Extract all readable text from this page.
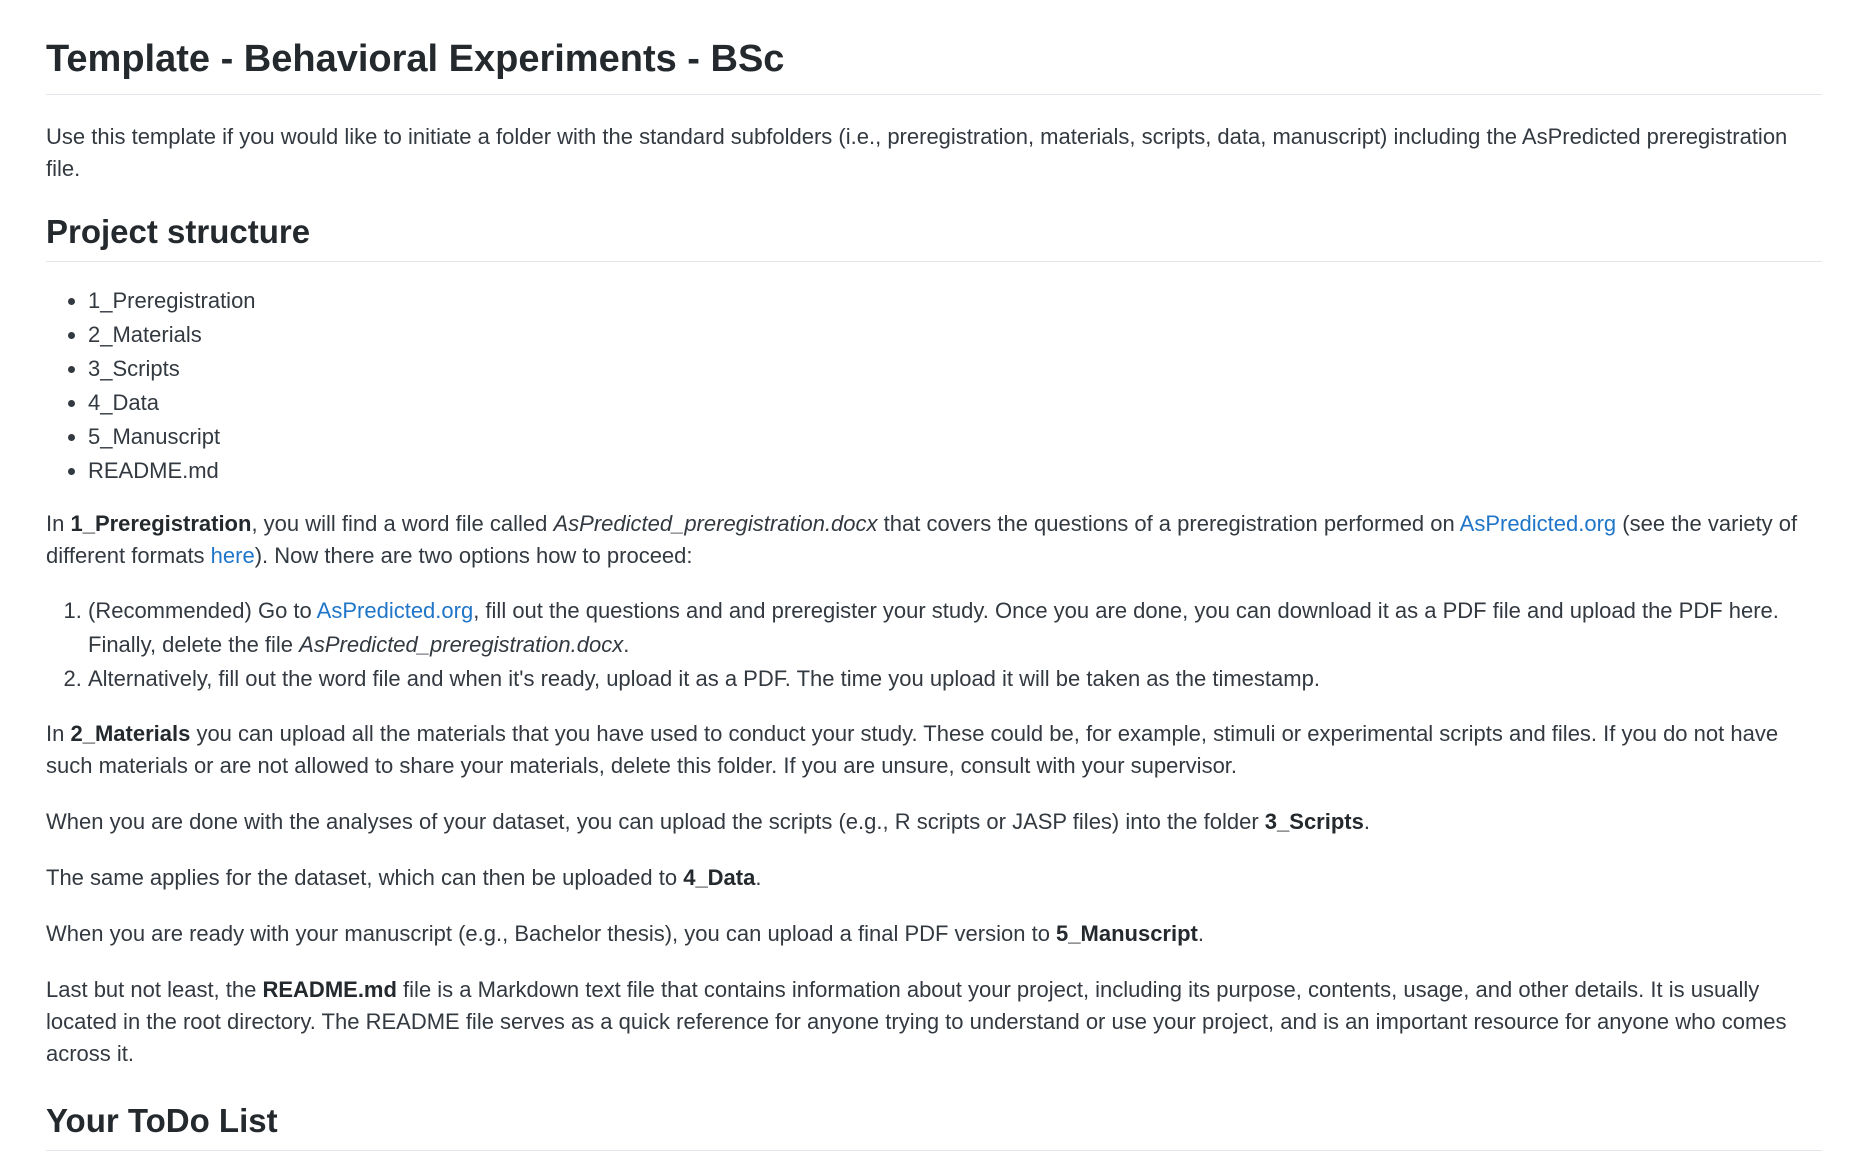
Template - Behavioral Experiments - BSc

Use this template if you would like to initiate a folder with the standard subfolders (i.e., preregistration, materials, scripts, data, manuscript) including the AsPredicted preregistration file.

Project structure
• 1_Preregistration
• 2_Materials
• 3_Scripts
• 4_Data
• 5_Manuscript
• README.md

In 1_Preregistration, you will find a word file called AsPredicted_preregistration.docx that covers the questions of a preregistration performed on AsPredicted.org (see the variety of different formats here). Now there are two options how to proceed:

1. (Recommended) Go to AsPredicted.org, fill out the questions and and preregister your study. Once you are done, you can download it as a PDF file and upload the PDF here. Finally, delete the file AsPredicted_preregistration.docx.
2. Alternatively, fill out the word file and when it's ready, upload it as a PDF. The time you upload it will be taken as the timestamp.

In 2_Materials you can upload all the materials that you have used to conduct your study. These could be, for example, stimuli or experimental scripts and files. If you do not have such materials or are not allowed to share your materials, delete this folder. If you are unsure, consult with your supervisor.

When you are done with the analyses of your dataset, you can upload the scripts (e.g., R scripts or JASP files) into the folder 3_Scripts.

The same applies for the dataset, which can then be uploaded to 4_Data.

When you are ready with your manuscript (e.g., Bachelor thesis), you can upload a final PDF version to 5_Manuscript.

Last but not least, the README.md file is a Markdown text file that contains information about your project, including its purpose, contents, usage, and other details. It is usually located in the root directory. The README file serves as a quick reference for anyone trying to understand or use your project, and is an important resource for anyone who comes across it.

Your ToDo List
